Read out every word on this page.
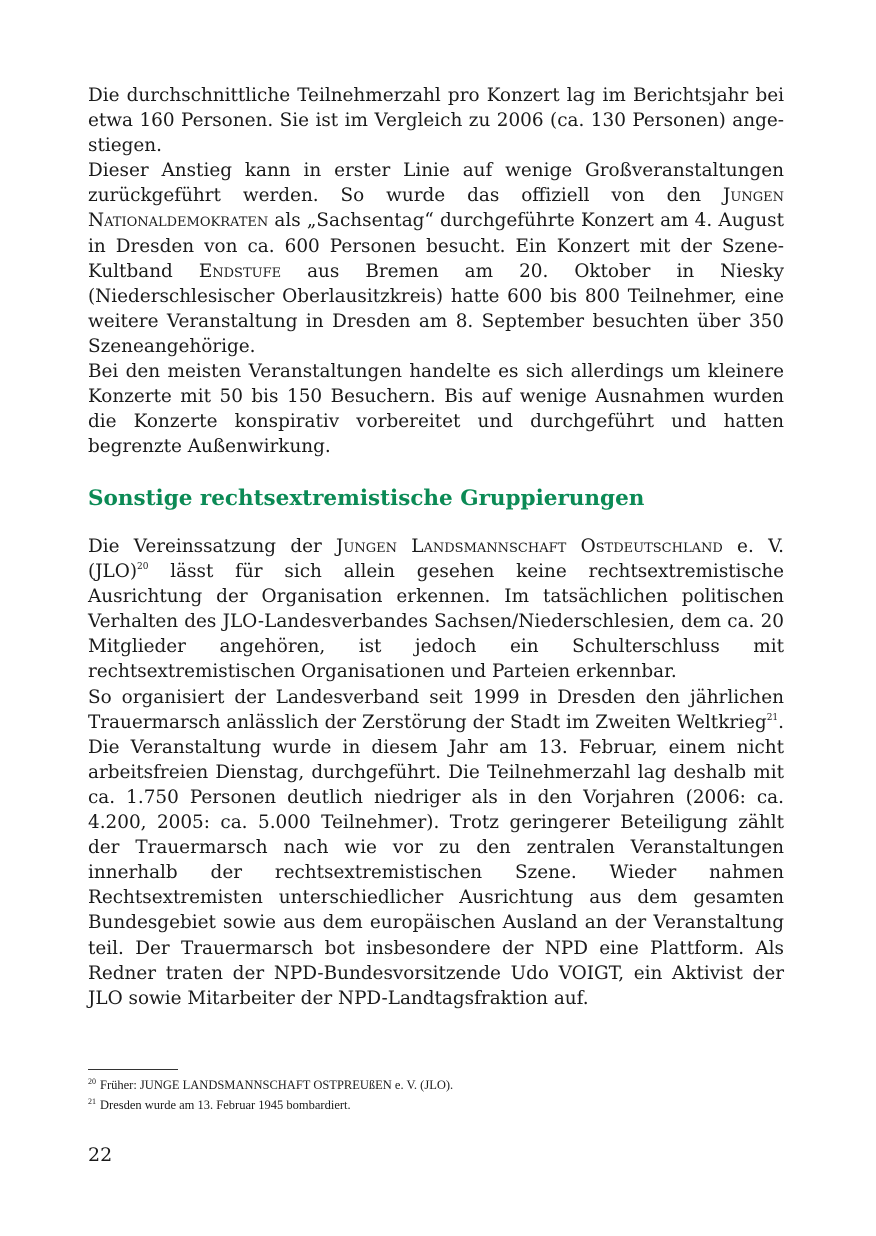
Die durchschnittliche Teilnehmerzahl pro Konzert lag im Berichtsjahr bei etwa 160 Personen. Sie ist im Vergleich zu 2006 (ca. 130 Personen) angestiegen.

Dieser Anstieg kann in erster Linie auf wenige Großveranstaltungen zurückgeführt werden. So wurde das offiziell von den Jungen Nationaldemokraten als „Sachsentag“ durchgeführte Konzert am 4. August in Dresden von ca. 600 Personen besucht. Ein Konzert mit der Szene-Kultband Endstufe aus Bremen am 20. Oktober in Niesky (Niederschlesischer Oberlausitzkreis) hatte 600 bis 800 Teilnehmer, eine weitere Veranstaltung in Dresden am 8. September besuchten über 350 Szeneangehörige.

Bei den meisten Veranstaltungen handelte es sich allerdings um kleinere Konzerte mit 50 bis 150 Besuchern. Bis auf wenige Ausnahmen wurden die Konzerte konspirativ vorbereitet und durchgeführt und hatten begrenzte Außenwirkung.

Sonstige rechtsextremistische Gruppierungen

Die Vereinssatzung der Jungen Landsmannschaft Ostdeutschland e. V. (JLO)$^{20}$ lässt für sich allein gesehen keine rechtsextremistische Ausrichtung der Organisation erkennen. Im tatsächlichen politischen Verhalten des JLO-Landesverbandes Sachsen/Niederschlesien, dem ca. 20 Mitglieder angehören, ist jedoch ein Schulterschluss mit rechtsextremistischen Organisationen und Parteien erkennbar.

So organisiert der Landesverband seit 1999 in Dresden den jährlichen Trauermarsch anlässlich der Zerstörung der Stadt im Zweiten Weltkrieg$^{21}$. Die Veranstaltung wurde in diesem Jahr am 13. Februar, einem nicht arbeitsfreien Dienstag, durchgeführt. Die Teilnehmerzahl lag deshalb mit ca. 1.750 Personen deutlich niedriger als in den Vorjahren (2006: ca. 4.200, 2005: ca. 5.000 Teilnehmer). Trotz geringerer Beteiligung zählt der Trauermarsch nach wie vor zu den zentralen Veranstaltungen innerhalb der rechtsextremistischen Szene. Wieder nahmen Rechtsextremisten unterschiedlicher Ausrichtung aus dem gesamten Bundesgebiet sowie aus dem europäischen Ausland an der Veranstaltung teil. Der Trauermarsch bot insbesondere der NPD eine Plattform. Als Redner traten der NPD-Bundesvorsitzende Udo VOIGT, ein Aktivist der JLO sowie Mitarbeiter der NPD-Landtagsfraktion auf.

$^{20}$ Früher: JUNGE LANDSMANNSCHAFT OSTPREUßEN e. V. (JLO).

$^{21}$ Dresden wurde am 13. Februar 1945 bombardiert.

22
